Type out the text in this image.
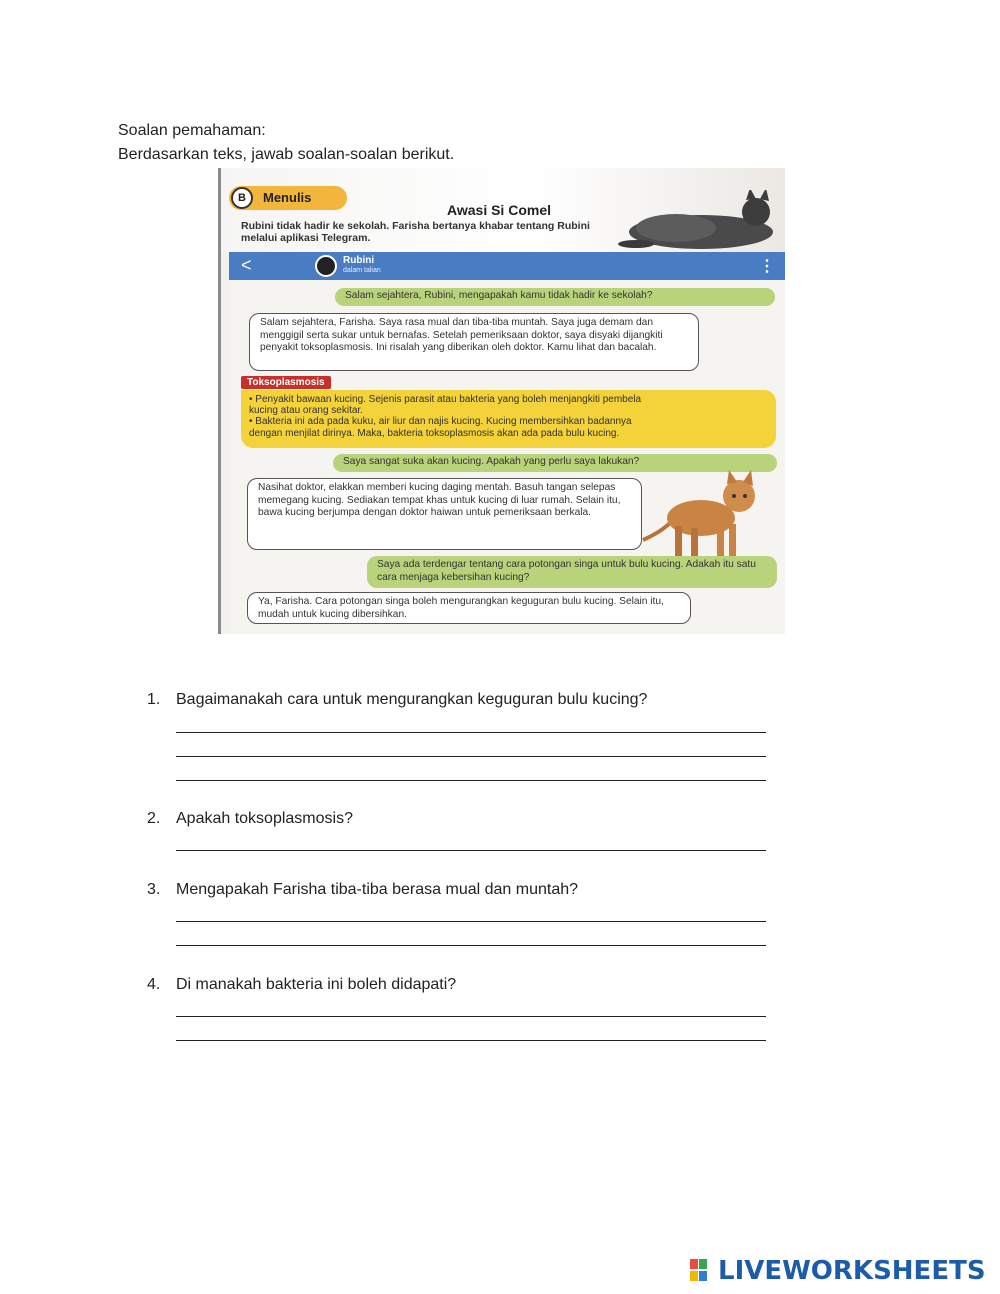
Soalan pemahaman:
Berdasarkan teks, jawab soalan-soalan berikut.
B	Menulis
Awasi Si Comel
Rubini tidak hadir ke sekolah. Farisha bertanya khabar tentang Rubini melalui aplikasi Telegram.
<	Rubini
dalam talian	⋮
Salam sejahtera, Rubini, mengapakah kamu tidak hadir ke sekolah?
Salam sejahtera, Farisha. Saya rasa mual dan tiba-tiba muntah. Saya juga demam dan menggigil serta sukar untuk bernafas. Setelah pemeriksaan doktor, saya disyaki dijangkiti penyakit toksoplasmosis. Ini risalah yang diberikan oleh doktor. Kamu lihat dan bacalah.
Toksoplasmosis
• Penyakit bawaan kucing. Sejenis parasit atau bakteria yang boleh menjangkiti pembela
kucing atau orang sekitar.
• Bakteria ini ada pada kuku, air liur dan najis kucing. Kucing membersihkan badannya
dengan menjilat dirinya. Maka, bakteria toksoplasmosis akan ada pada bulu kucing.
Saya sangat suka akan kucing. Apakah yang perlu saya lakukan?
Nasihat doktor, elakkan memberi kucing daging mentah. Basuh tangan selepas memegang kucing. Sediakan tempat khas untuk kucing di luar rumah. Selain itu, bawa kucing berjumpa dengan doktor haiwan untuk pemeriksaan berkala.
Saya ada terdengar tentang cara potongan singa untuk bulu kucing. Adakah itu satu cara menjaga kebersihan kucing?
Ya, Farisha. Cara potongan singa boleh mengurangkan keguguran bulu kucing. Selain itu, mudah untuk kucing dibersihkan.
1. Bagaimanakah cara untuk mengurangkan keguguran bulu kucing?
2. Apakah toksoplasmosis?
3. Mengapakah Farisha tiba-tiba berasa mual dan muntah?
4. Di manakah bakteria ini boleh didapati?
LIVEWORKSHEETS
